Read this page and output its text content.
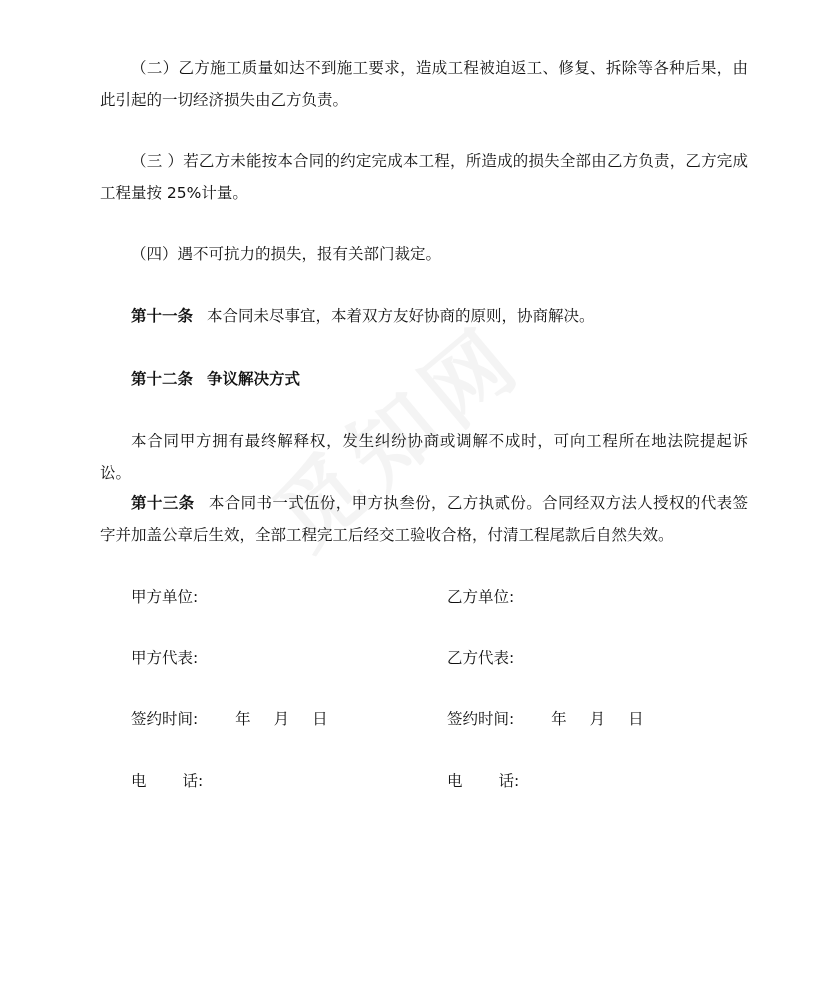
（二）乙方施工质量如达不到施工要求，造成工程被迫返工、修复、拆除等各种后果，由此引起的一切经济损失由乙方负责。

（三 ）若乙方未能按本合同的约定完成本工程，所造成的损失全部由乙方负责，乙方完成工程量按 25%计量。

（四）遇不可抗力的损失，报有关部门裁定。

第十一条 本合同未尽事宜，本着双方友好协商的原则，协商解决。

第十二条 争议解决方式

本合同甲方拥有最终解释权，发生纠纷协商或调解不成时，可向工程所在地法院提起诉讼。

第十三条 本合同书一式伍份，甲方执叁份，乙方执贰份。合同经双方法人授权的代表签字并加盖公章后生效，全部工程完工后经交工验收合格，付清工程尾款后自然失效。

甲方单位:	乙方单位:
甲方代表:	乙方代表:
签约时间: 年 月 日	签约时间: 年 月 日
电 话:	电 话:
